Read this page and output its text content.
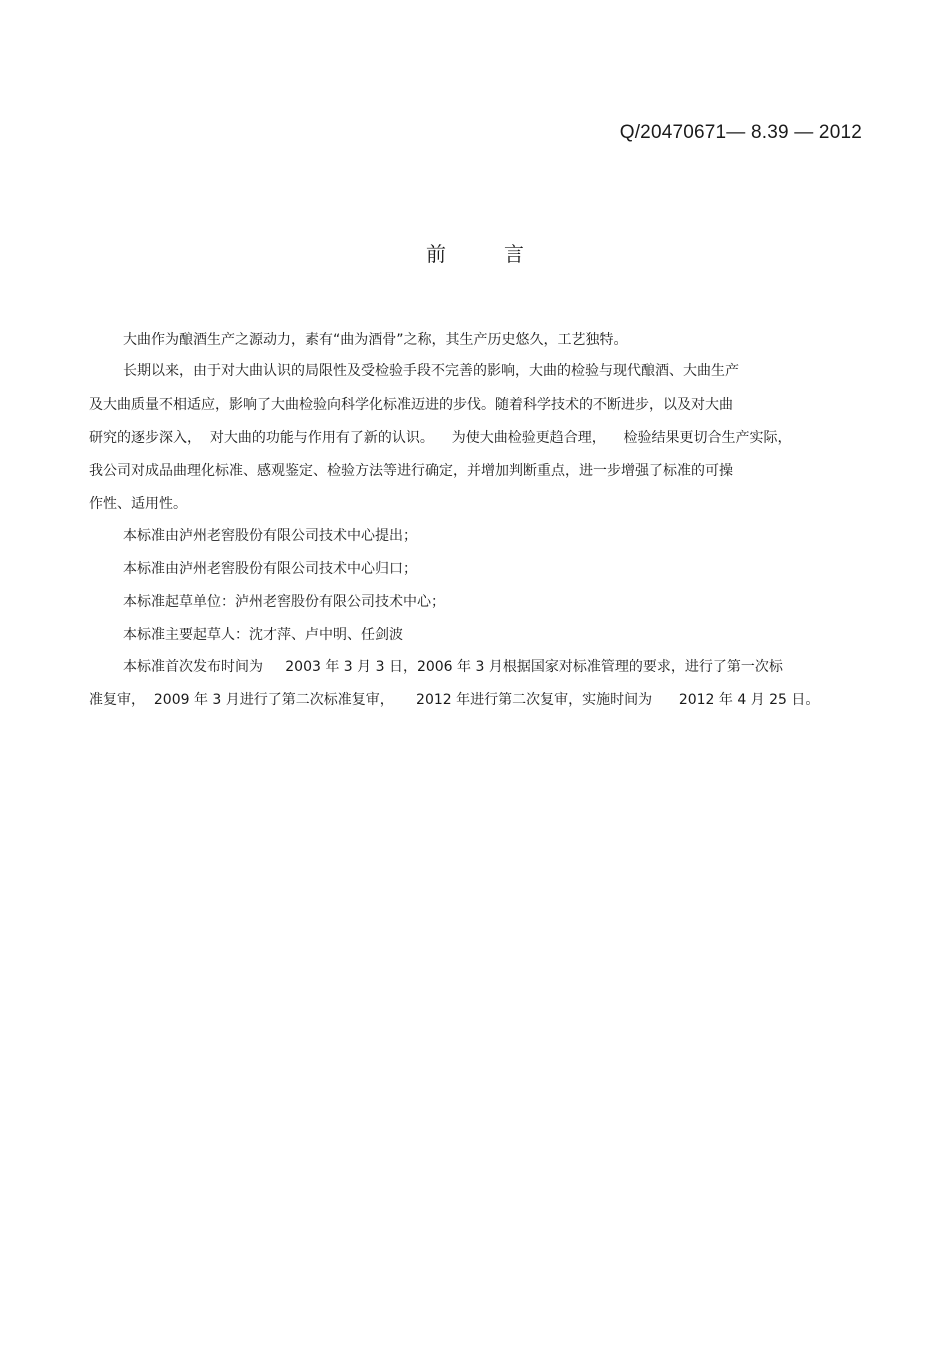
Q/20470671— 8.39 — 2012
前言
大曲作为酿酒生产之源动力，素有“曲为酒骨”之称，其生产历史悠久，工艺独特。
长期以来，由于对大曲认识的局限性及受检验手段不完善的影响，大曲的检验与现代酿酒、大曲生产
及大曲质量不相适应，影响了大曲检验向科学化标准迈进的步伐。随着科学技术的不断进步，以及对大曲
研究的逐步深入，  对大曲的功能与作用有了新的认识。    为使大曲检验更趋合理，    检验结果更切合生产实际，
我公司对成品曲理化标准、感观鉴定、检验方法等进行确定，并增加判断重点，进一步增强了标准的可操
作性、适用性。
本标准由泸州老窖股份有限公司技术中心提出；
本标准由泸州老窖股份有限公司技术中心归口；
本标准起草单位：泸州老窖股份有限公司技术中心；
本标准主要起草人：沈才萍、卢中明、任剑波
本标准首次发布时间为     2003 年 3 月 3 日，2006 年 3 月根据国家对标准管理的要求，进行了第一次标
准复审，  2009 年 3 月进行了第二次标准复审，     2012 年进行第二次复审，实施时间为      2012 年 4 月 25 日。
